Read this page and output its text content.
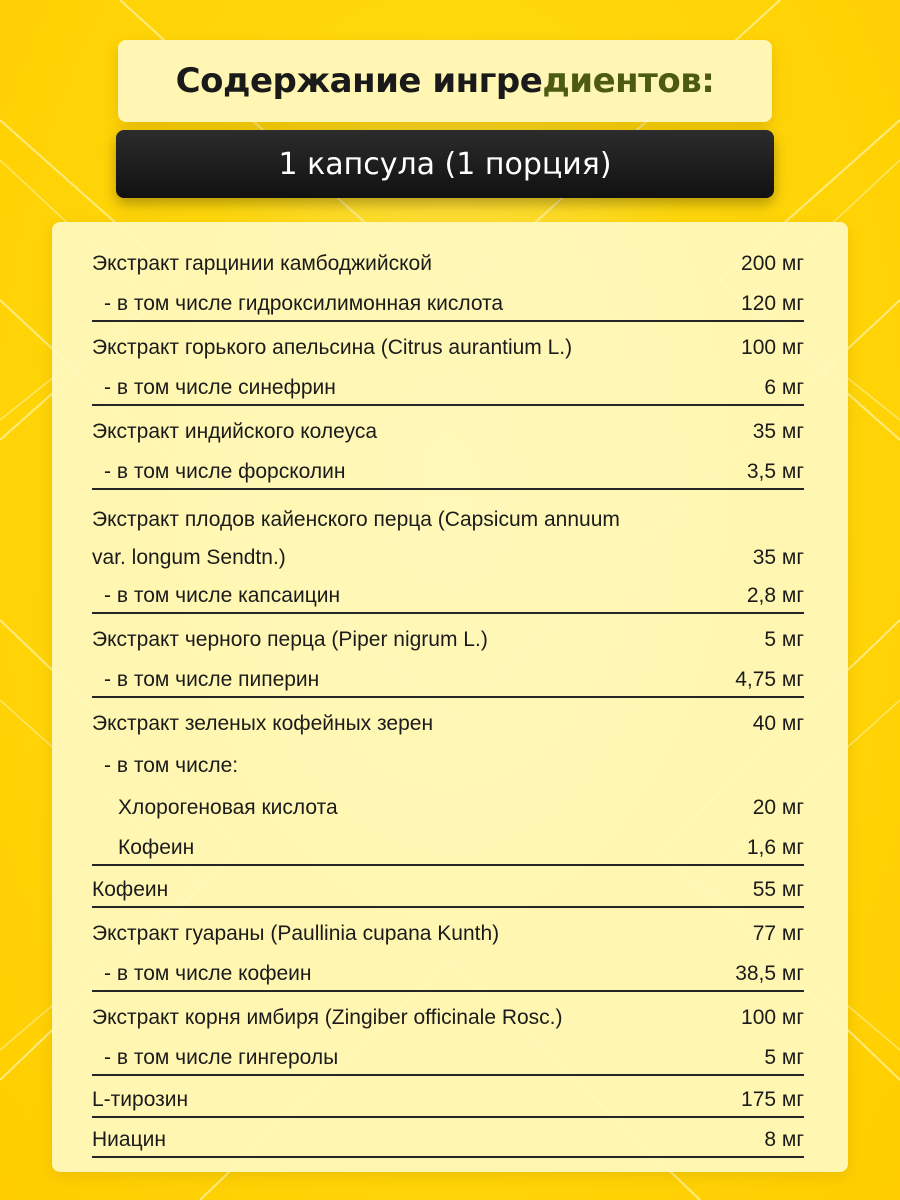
Содержание ингредиентов:
1 капсула (1 порция)
Экстракт гарцинии камбоджийской	200 мг
- в том числе гидроксилимонная кислота	120 мг
Экстракт горького апельсина (Citrus aurantium L.)	100 мг
- в том числе синефрин	6 мг
Экстракт индийского колеуса	35 мг
- в том числе форсколин	3,5 мг
Экстракт плодов кайенского перца (Capsicum annuum
var. longum Sendtn.)	35 мг
- в том числе капсаицин	2,8 мг
Экстракт черного перца (Piper nigrum L.)	5 мг
- в том числе пиперин	4,75 мг
Экстракт зеленых кофейных зерен	40 мг
- в том числе:
Хлорогеновая кислота	20 мг
Кофеин	1,6 мг
Кофеин	55 мг
Экстракт гуараны (Paullinia cupana Kunth)	77 мг
- в том числе кофеин	38,5 мг
Экстракт корня имбиря (Zingiber officinale Rosc.)	100 мг
- в том числе гингеролы	5 мг
L-тирозин	175 мг
Ниацин	8 мг
